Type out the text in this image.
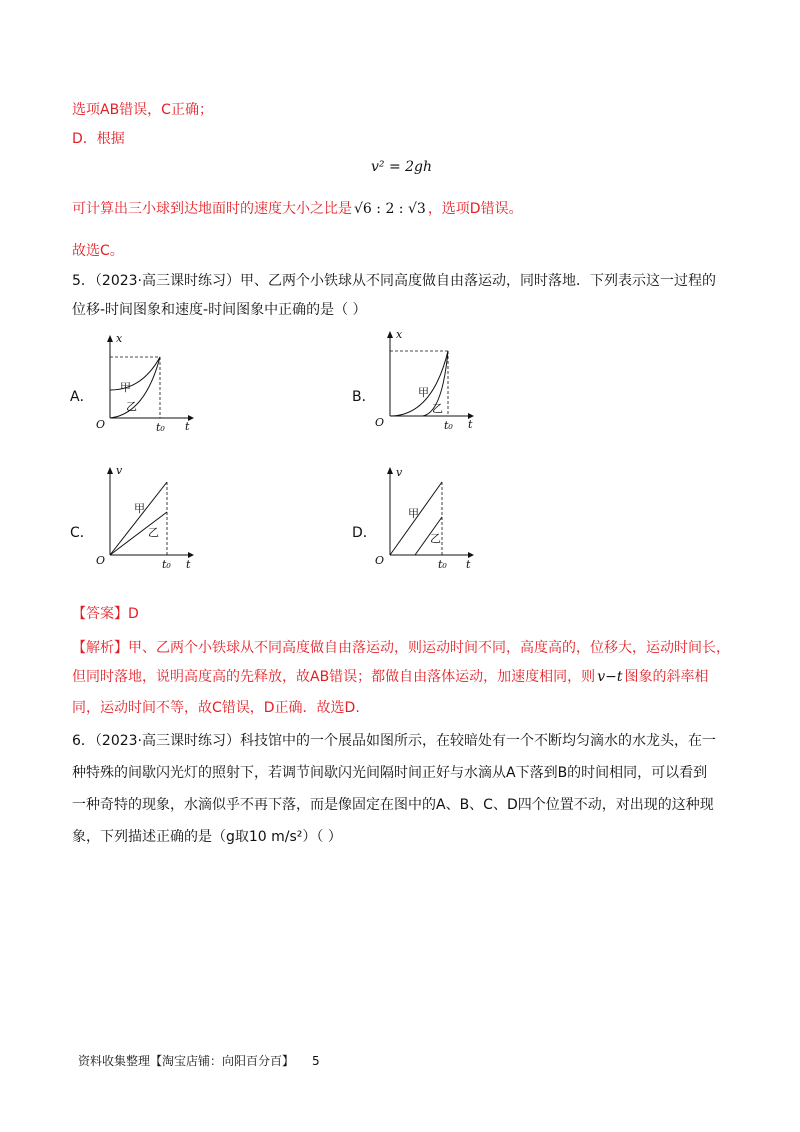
选项AB错误，C正确；
D．根据
v² = 2gh
可计算出三小球到达地面时的速度大小之比是 √6 : 2 : √3 ，选项D错误。
故选C。
5．（2023·高三课时练习）甲、乙两个小铁球从不同高度做自由落运动，同时落地．下列表示这一过程的
位移-时间图象和速度-时间图象中正确的是（ ）
A．
x
t
O	t₀
甲
乙
B．
x
t
O	t₀
甲
乙
C．
v
t
O	t₀
甲
乙	D．
v
t
O	t₀
甲
乙
【答案】D
【解析】甲、乙两个小铁球从不同高度做自由落运动，则运动时间不同，高度高的，位移大，运动时间长，
但同时落地，说明高度高的先释放，故AB错误；都做自由落体运动，加速度相同，则 v−t 图象的斜率相
同，运动时间不等，故C错误，D正确．故选D.
6．（2023·高三课时练习）科技馆中的一个展品如图所示，在较暗处有一个不断均匀滴水的水龙头，在一
种特殊的间歇闪光灯的照射下，若调节间歇闪光间隔时间正好与水滴从A下落到B的时间相同，可以看到
一种奇特的现象，水滴似乎不再下落，而是像固定在图中的A、B、C、D四个位置不动，对出现的这种现
象，下列描述正确的是（g取10 m/s²）（ ）
资料收集整理【淘宝店铺：向阳百分百】 5
